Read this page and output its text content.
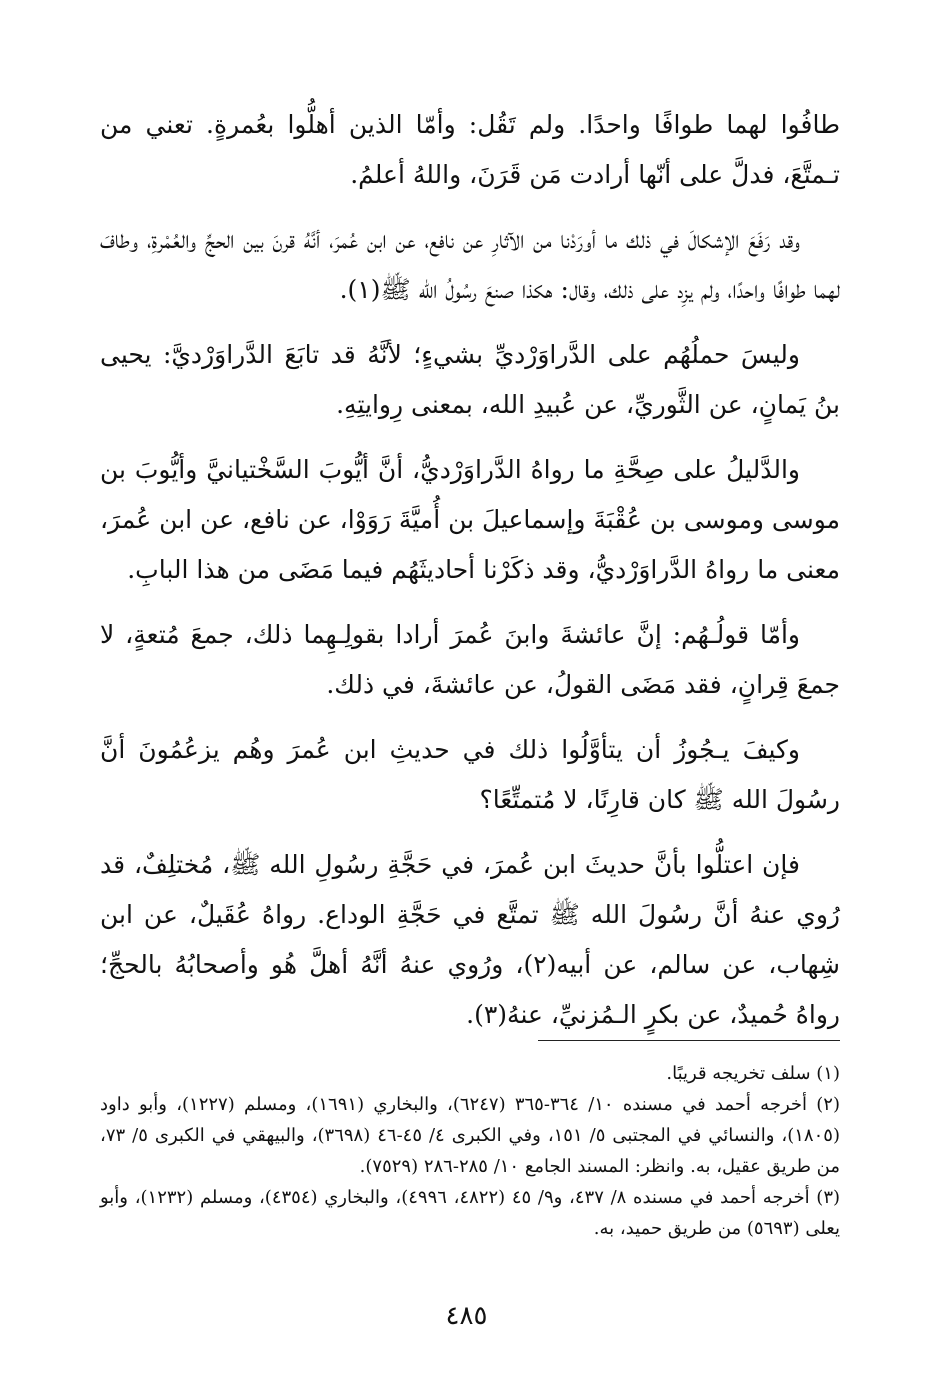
طافُوا لهما طوافًا واحدًا. ولم تَقُل: وأمّا الذين أهلُّوا بعُمرةٍ. تعني من تـمتَّعَ، فدلَّ على أنّها أرادت مَن قَرَنَ، واللهُ أعلمُ.

وقد رَفَعَ الإشكالَ في ذلك ما أورَدْنا من الآثارِ عن نافع، عن ابن عُمرَ، أنَّهُ قرنَ بين الحجِّ والعُمْرةِ، وطافَ لهما طوافًا واحدًا، ولم يزِد على ذلك، وقال: هكذا صنعَ رسُولُ الله ﷺ(١).

وليسَ حملُهُم على الدَّراوَرْديِّ بشيءٍ؛ لأنَّهُ قد تابَعَ الدَّراوَرْديَّ: يحيى بنُ يَمانٍ، عن الثَّوريِّ، عن عُبيدِ الله، بمعنى رِوايتِهِ.

والدَّليلُ على صِحَّةِ ما رواهُ الدَّراوَرْديُّ، أنَّ أيُّوبَ السَّخْتيانيَّ وأيُّوبَ بن موسى وموسى بن عُقْبَةَ وإسماعيلَ بن أُميَّةَ رَوَوْا، عن نافع، عن ابن عُمرَ، معنى ما رواهُ الدَّراوَرْديُّ، وقد ذكَرْنا أحاديثَهُم فيما مَضَى من هذا البابِ.

وأمّا قولُـهُم: إنَّ عائشةَ وابنَ عُمرَ أرادا بقولِـهِما ذلك، جمعَ مُتعةٍ، لا جمعَ قِرانٍ، فقد مَضَى القولُ، عن عائشةَ، في ذلك.

وكيفَ يـجُوزُ أن يتأوَّلُوا ذلك في حديثِ ابن عُمرَ وهُم يزعُمُونَ أنَّ رسُولَ الله ﷺ كان قارِنًا، لا مُتمتِّعًا؟

فإن اعتلُّوا بأنَّ حديثَ ابن عُمرَ، في حَجَّةِ رسُولِ الله ﷺ، مُختلِفٌ، قد رُوي عنهُ أنَّ رسُولَ الله ﷺ تمتَّع في حَجَّةِ الوداع. رواهُ عُقَيلٌ، عن ابن شِهاب، عن سالم، عن أبيه(٢)، ورُوي عنهُ أنَّهُ أهلَّ هُو وأصحابُهُ بالحجِّ؛ رواهُ حُميدٌ، عن بكرٍ الـمُزنيِّ، عنهُ(٣).

(١) سلف تخريجه قريبًا.

(٢) أخرجه أحمد في مسنده ١٠/ ٣٦٤-٣٦٥ (٦٢٤٧)، والبخاري (١٦٩١)، ومسلم (١٢٢٧)، وأبو داود (١٨٠٥)، والنسائي في المجتبى ٥/ ١٥١، وفي الكبرى ٤/ ٤٥-٤٦ (٣٦٩٨)، والبيهقي في الكبرى ٥/ ٧٣، من طريق عقيل، به. وانظر: المسند الجامع ١٠/ ٢٨٥-٢٨٦ (٧٥٢٩).

(٣) أخرجه أحمد في مسنده ٨/ ٤٣٧، و٩/ ٤٥ (٤٨٢٢، ٤٩٩٦)، والبخاري (٤٣٥٤)، ومسلم (١٢٣٢)، وأبو يعلى (٥٦٩٣) من طريق حميد، به.

٤٨٥
